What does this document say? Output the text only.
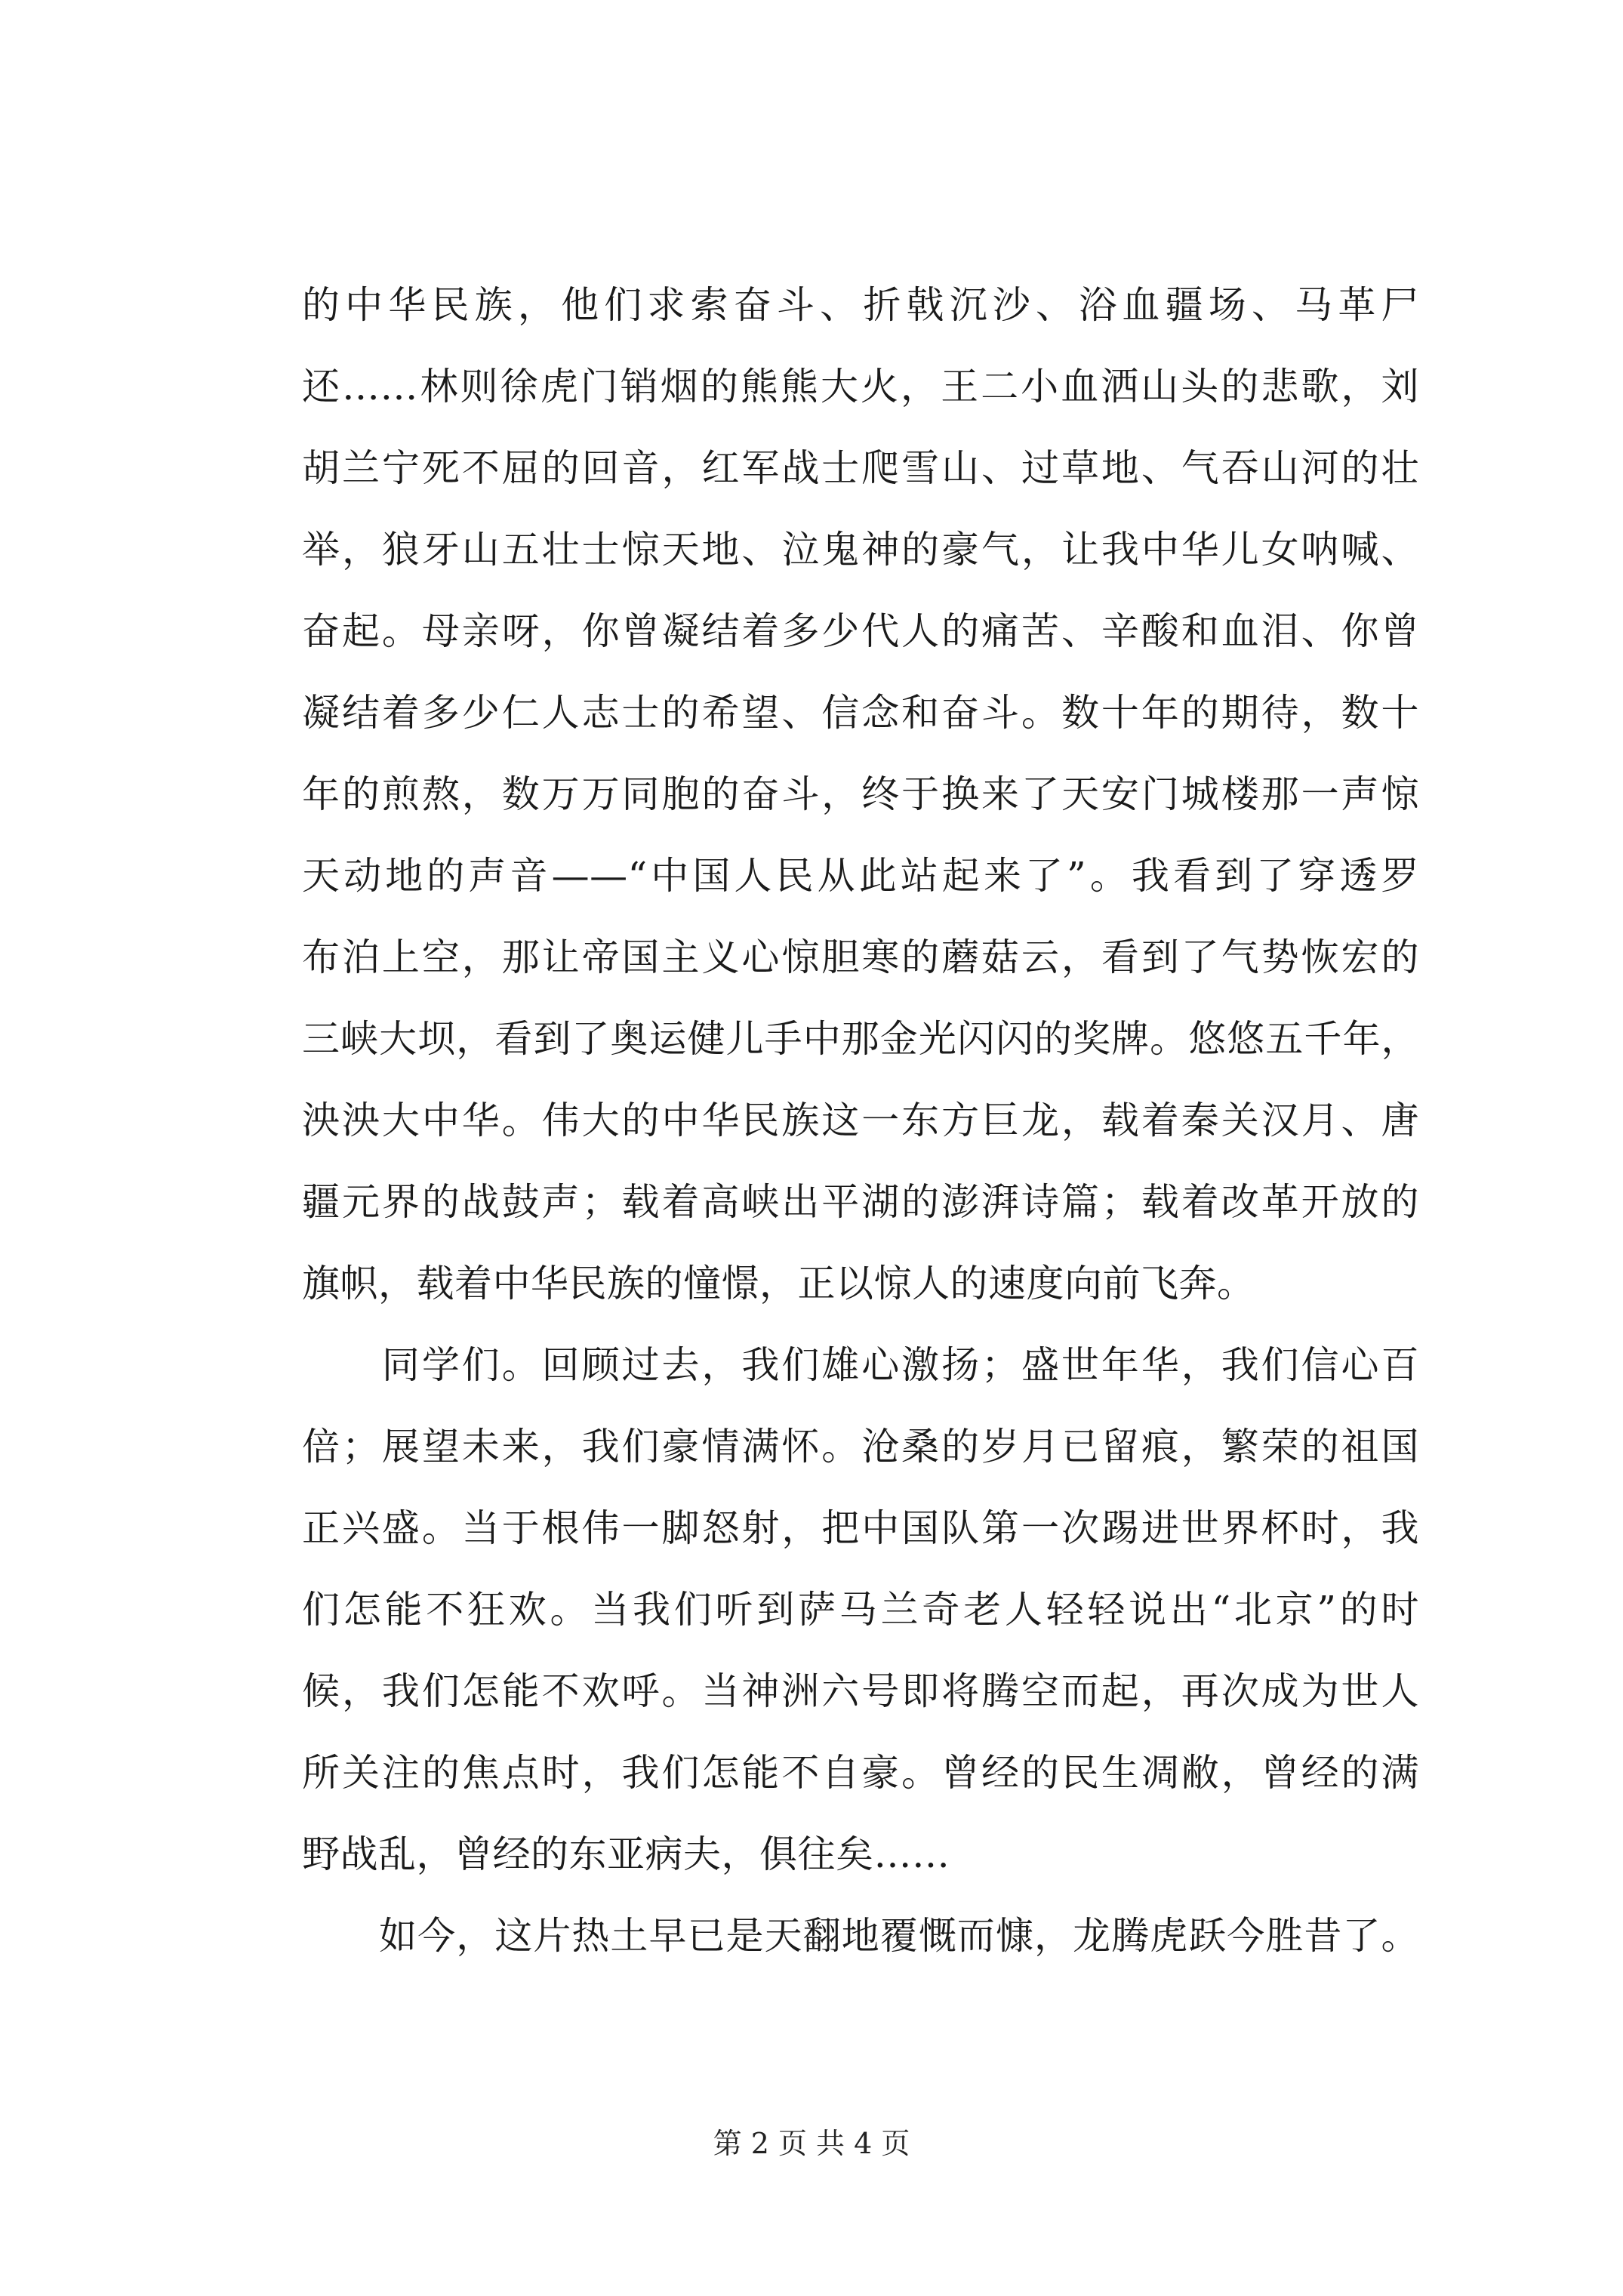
的中华民族，他们求索奋斗、折戟沉沙、浴血疆场、马革尸
还……林则徐虎门销烟的熊熊大火，王二小血洒山头的悲歌，刘
胡兰宁死不屈的回音，红军战士爬雪山、过草地、气吞山河的壮
举，狼牙山五壮士惊天地、泣鬼神的豪气，让我中华儿女呐喊、
奋起。母亲呀，你曾凝结着多少代人的痛苦、辛酸和血泪、你曾
凝结着多少仁人志士的希望、信念和奋斗。数十年的期待，数十
年的煎熬，数万万同胞的奋斗，终于换来了天安门城楼那一声惊
天动地的声音——“中国人民从此站起来了”。我看到了穿透罗
布泊上空，那让帝国主义心惊胆寒的蘑菇云，看到了气势恢宏的
三峡大坝，看到了奥运健儿手中那金光闪闪的奖牌。悠悠五千年，
泱泱大中华。伟大的中华民族这一东方巨龙，载着秦关汉月、唐
疆元界的战鼓声；载着高峡出平湖的澎湃诗篇；载着改革开放的
旗帜，载着中华民族的憧憬，正以惊人的速度向前飞奔。
　　同学们。回顾过去，我们雄心激扬；盛世年华，我们信心百
倍；展望未来，我们豪情满怀。沧桑的岁月已留痕，繁荣的祖国
正兴盛。当于根伟一脚怒射，把中国队第一次踢进世界杯时，我
们怎能不狂欢。当我们听到萨马兰奇老人轻轻说出“北京”的时
候，我们怎能不欢呼。当神洲六号即将腾空而起，再次成为世人
所关注的焦点时，我们怎能不自豪。曾经的民生凋敝，曾经的满
野战乱，曾经的东亚病夫，俱往矣……
　　如今，这片热土早已是天翻地覆慨而慷，龙腾虎跃今胜昔了。
第 2 页 共 4 页
